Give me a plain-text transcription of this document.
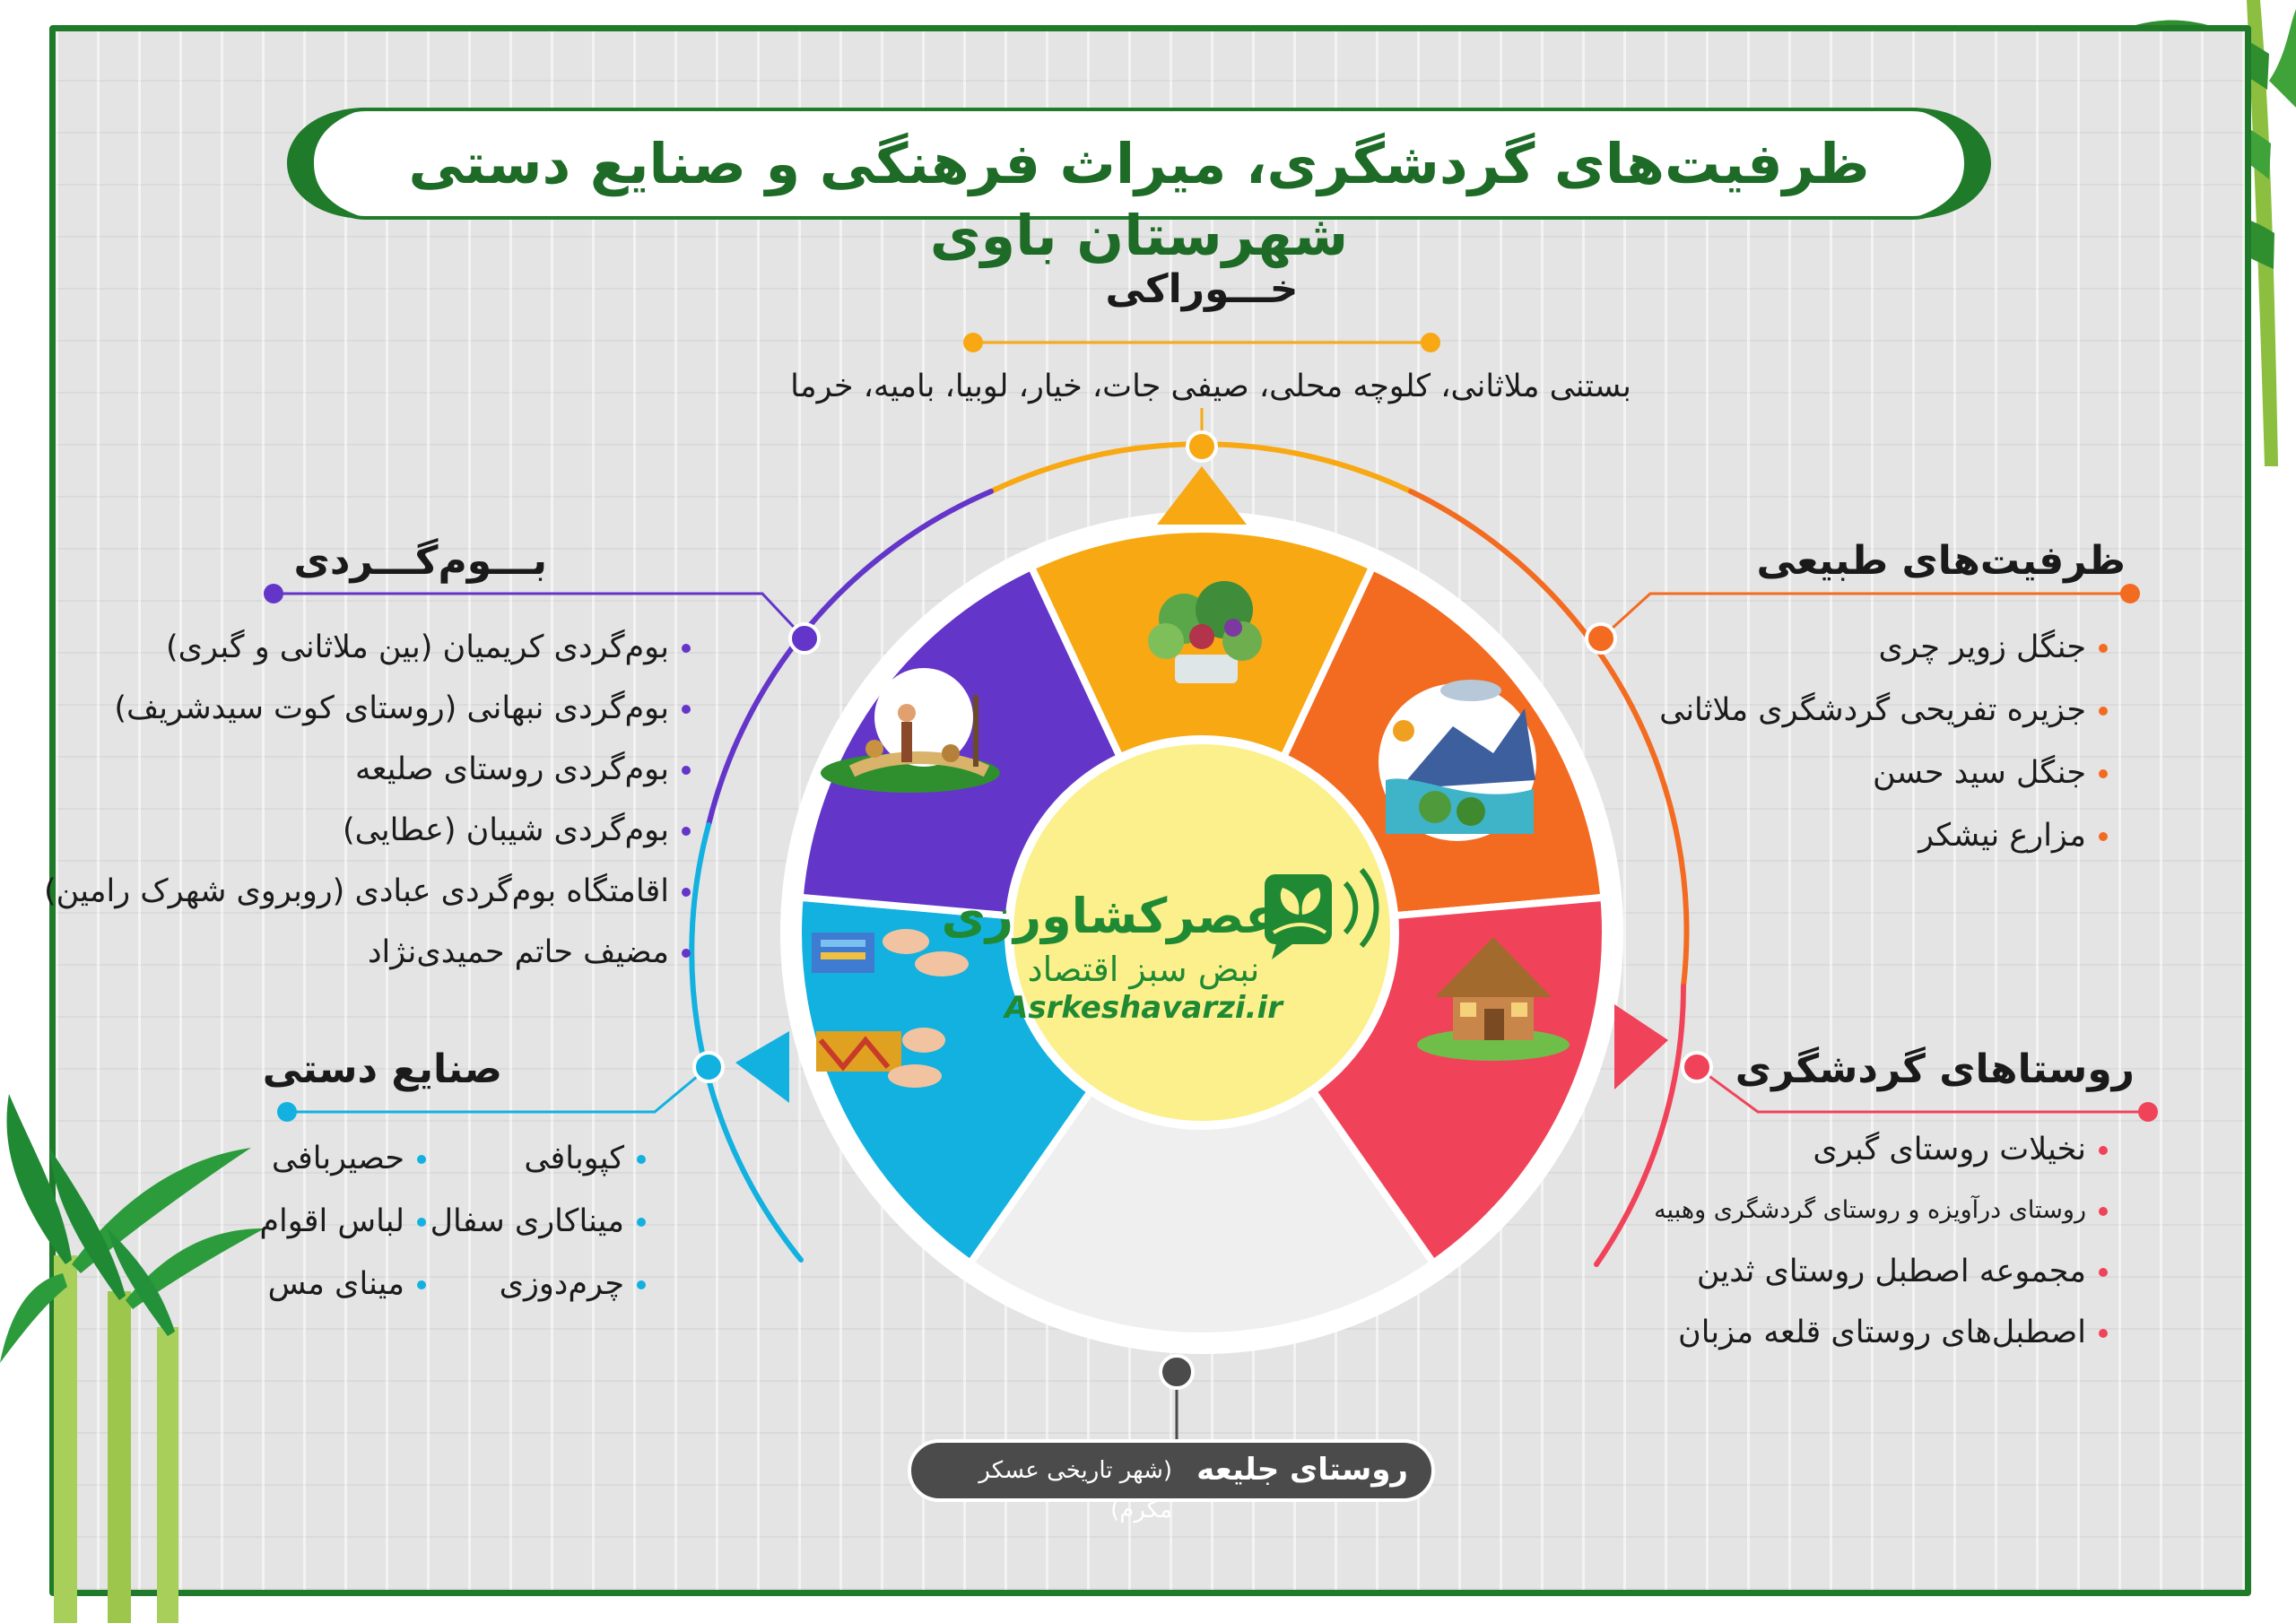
ظرفیت‌های گردشگری، میراث فرهنگی و صنایع دستی شهرستان باوی
خـــوراکی
بستنی ملاثانی، کلوچه محلی، صیفی جات، خیار، لوبیا، بامیه، خرما
ظرفیت‌های طبیعی
جنگل زویر چری
جزیره تفریحی گردشگری ملاثانی
جنگل سید حسن
مزارع نیشکر
روستاهای گردشگری
نخیلات روستای گبری
روستای درآویزه و روستای گردشگری وهبیه
مجموعه اصطبل روستای ثدین
اصطبل‌های روستای قلعه مزبان
بـــوم‌گـــردی
بوم‌گردی کریمیان (بین ملاثانی و گبری)
بوم‌گردی نبهانی (روستای کوت سیدشریف)
بوم‌گردی روستای صلیعه
بوم‌گردی شیبان (عطایی)
اقامتگاه بوم‌گردی عبادی (روبروی شهرک رامین)
مضیف حاتم حمیدی‌نژاد
صنایع دستی
کپوبافی
میناکاری سفال
چرم‌دوزی
حصیربافی
لباس اقوام
مینای مس
عصرکشاورزی
نبض سبز اقتصاد
Asrkeshavarzi.ir
روستای جلیعه
(شهر تاریخی عسکر مکرم)
